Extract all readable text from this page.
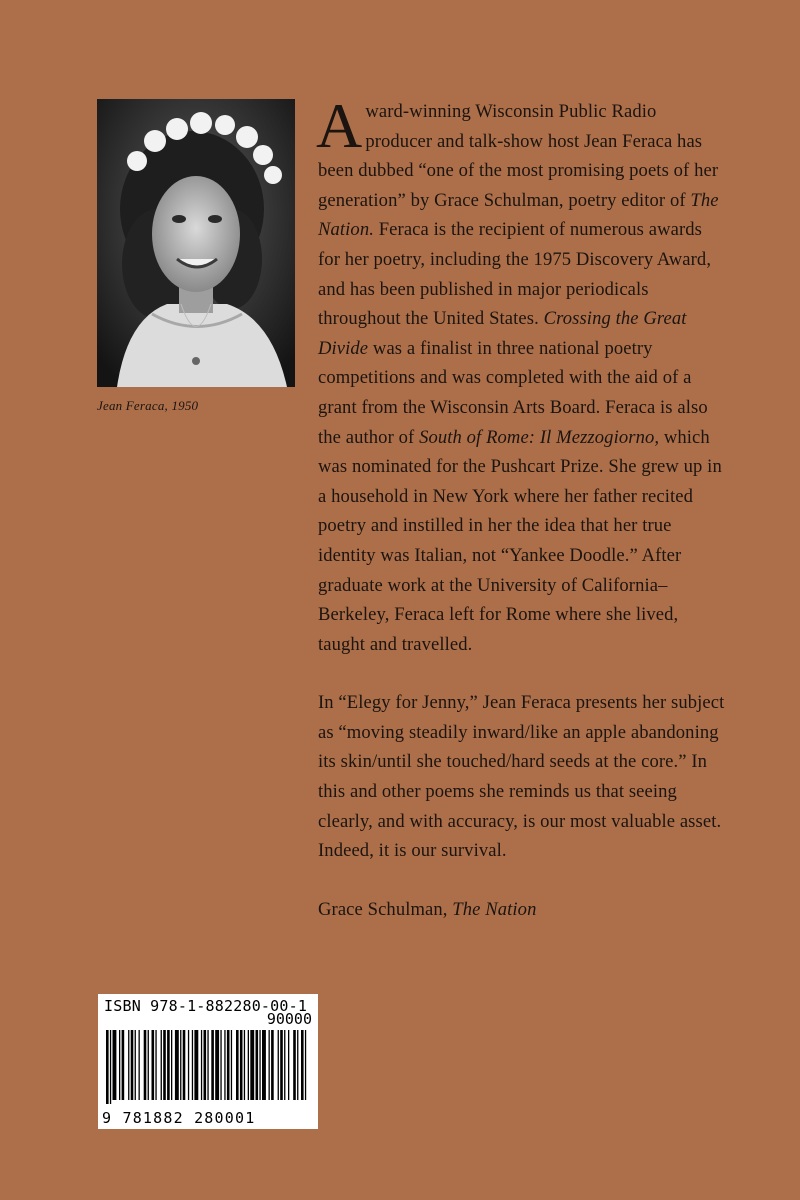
Jean Feraca, 1950

Award-winning Wisconsin Public Radio producer and talk-show host Jean Feraca has been dubbed “one of the most promising poets of her generation” by Grace Schulman, poetry editor of The Nation. Feraca is the recipient of numerous awards for her poetry, including the 1975 Discovery Award, and has been published in major periodicals throughout the United States. Crossing the Great Divide was a finalist in three national poetry competitions and was completed with the aid of a grant from the Wisconsin Arts Board. Feraca is also the author of South of Rome: Il Mezzogiorno, which was nominated for the Pushcart Prize. She grew up in a household in New York where her father recited poetry and instilled in her the idea that her true identity was Italian, not “Yankee Doodle.” After graduate work at the University of California–Berkeley, Feraca left for Rome where she lived, taught and travelled.

In “Elegy for Jenny,” Jean Feraca presents her subject as “moving steadily inward/like an apple abandoning its skin/until she touched/hard seeds at the core.” In this and other poems she reminds us that seeing clearly, and with accuracy, is our most valuable asset. Indeed, it is our survival.

Grace Schulman, The Nation

ISBN 978-1-882280-00-1
90000
9 781882 280001
